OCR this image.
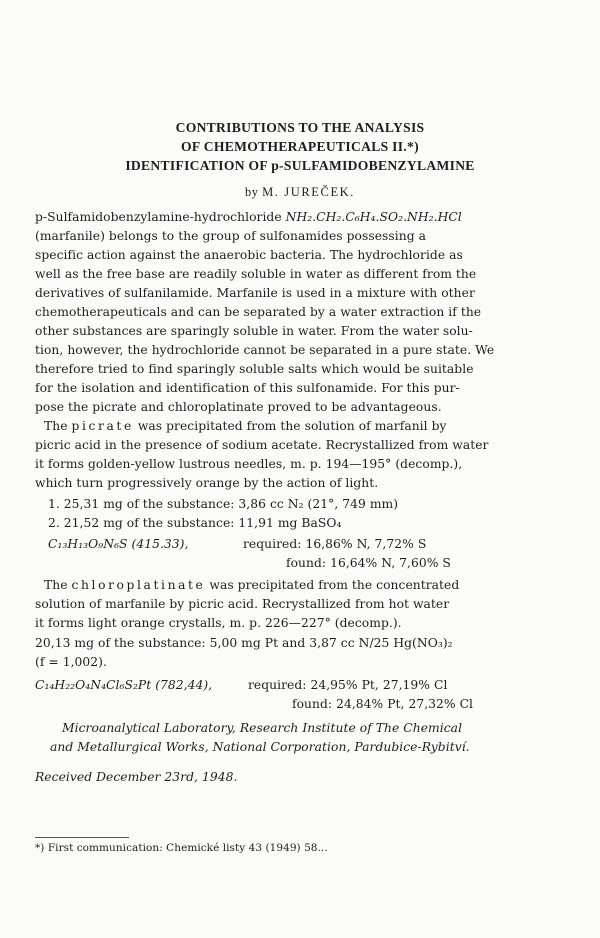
CONTRIBUTIONS TO THE ANALYSIS
OF CHEMOTHERAPEUTICALS II.*)
IDENTIFICATION OF p-SULFAMIDOBENZYLAMINE
by M. JUREČEK.
p-Sulfamidobenzylamine-hydrochloride NH₂.CH₂.C₆H₄.SO₂.NH₂.HCl
(marfanile) belongs to the group of sulfonamides possessing a
specific action against the anaerobic bacteria. The hydrochloride as
well as the free base are readily soluble in water as different from the
derivatives of sulfanilamide. Marfanile is used in a mixture with other
chemotherapeuticals and can be separated by a water extraction if the
other substances are sparingly soluble in water. From the water solu-
tion, however, the hydrochloride cannot be separated in a pure state. We
therefore tried to find sparingly soluble salts which would be suitable
for the isolation and identification of this sulfonamide. For this pur-
pose the picrate and chloroplatinate proved to be advantageous.
The picrate was precipitated from the solution of marfanil by
picric acid in the presence of sodium acetate. Recrystallized from water
it forms golden-yellow lustrous needles, m. p. 194—195° (decomp.),
which turn progressively orange by the action of light.
1. 25,31 mg of the substance: 3,86 cc N₂ (21°, 749 mm)
2. 21,52 mg of the substance: 11,91 mg BaSO₄
C₁₃H₁₃O₉N₆S (415.33),	required: 16,86% N, 7,72% S
found: 16,64% N, 7,60% S
The chloroplatinate was precipitated from the concentrated
solution of marfanile by picric acid. Recrystallized from hot water
it forms light orange crystalls, m. p. 226—227° (decomp.).
20,13 mg of the substance: 5,00 mg Pt and 3,87 cc N/25 Hg(NO₃)₂
(f = 1,002).
C₁₄H₂₂O₄N₄Cl₆S₂Pt (782,44),	required: 24,95% Pt, 27,19% Cl
found: 24,84% Pt, 27,32% Cl
Microanalytical Laboratory, Research Institute of The Chemical
and Metallurgical Works, National Corporation, Pardubice-Rybitví.
Received December 23rd, 1948.
*) First communication: Chemické listy 43 (1949) 58...
